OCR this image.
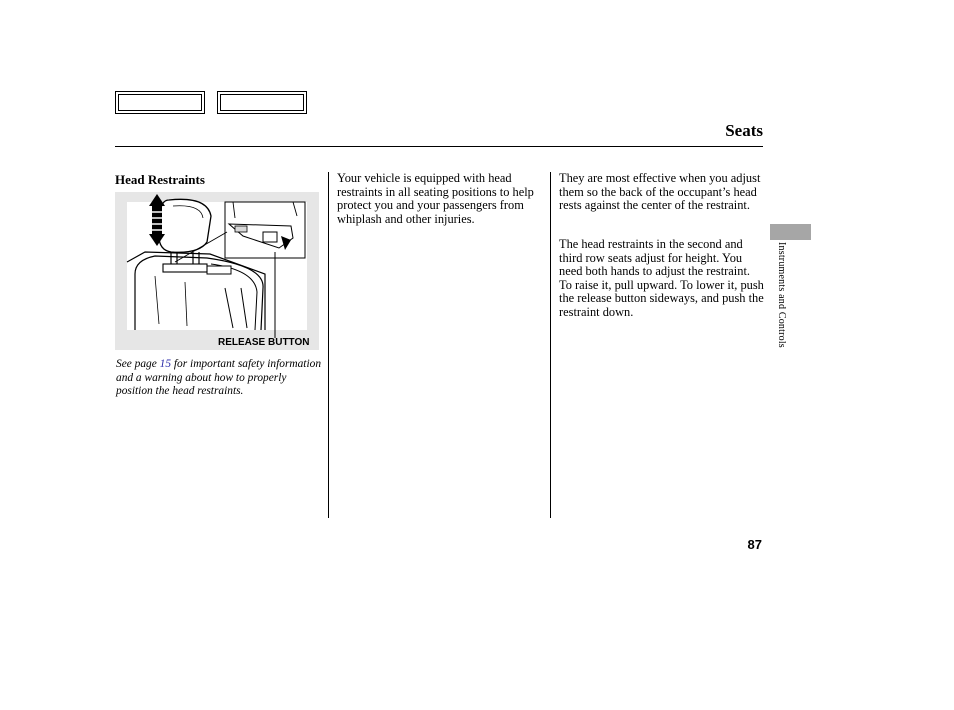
Seats
Head Restraints
RELEASE BUTTON
See page 15 for important safety information and a warning about how to properly position the head restraints.
Your vehicle is equipped with head restraints in all seating positions to help protect you and your passengers from whiplash and other injuries.
They are most effective when you adjust them so the back of the occupant’s head rests against the center of the restraint.
The head restraints in the second and third row seats adjust for height. You need both hands to adjust the restraint. To raise it, pull upward. To lower it, push the release button sideways, and push the restraint down.	Instruments and Controls
87
